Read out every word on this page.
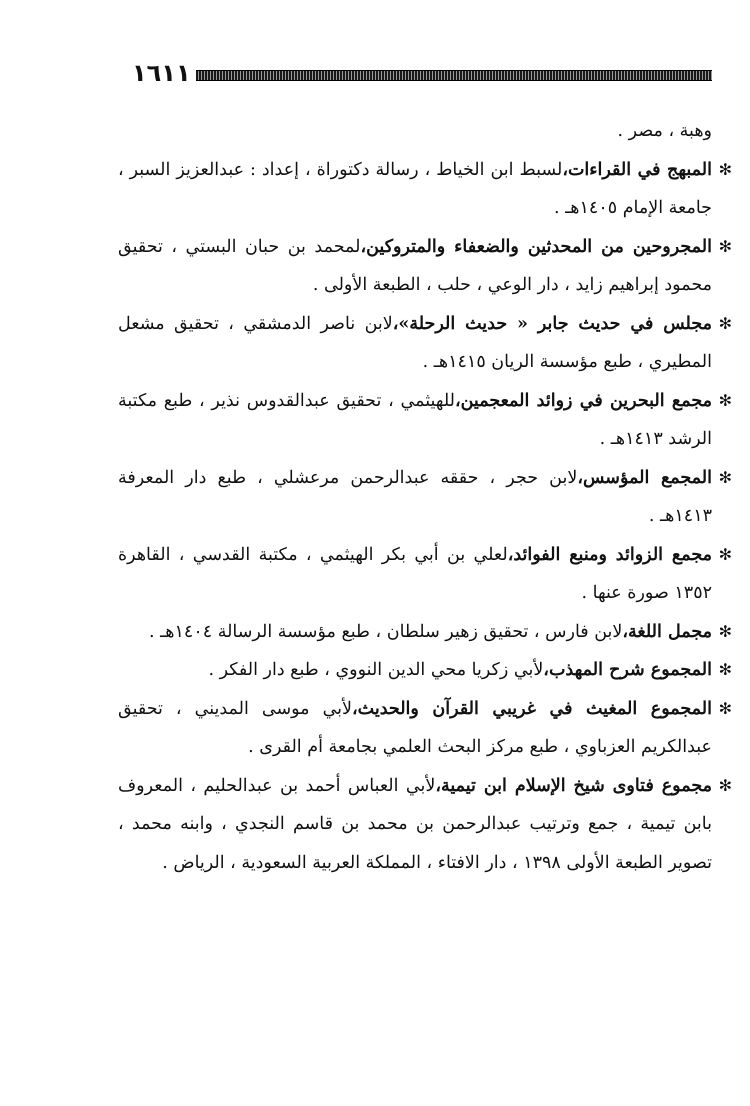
١٦١١
وهبة ، مصر .
✻
المبهج في القراءات،لسبط ابن الخياط ، رسالة دكتوراة ، إعداد : عبدالعزيز السبر ، جامعة الإمام ١٤٠٥هـ .
✻
المجروحين من المحدثين والضعفاء والمتروكين،لمحمد بن حبان البستي ، تحقيق محمود إبراهيم زايد ، دار الوعي ، حلب ، الطبعة الأولى .
✻
مجلس في حديث جابر « حديث الرحلة»،لابن ناصر الدمشقي ، تحقيق مشعل المطيري ، طبع مؤسسة الريان ١٤١٥هـ .
✻
مجمع البحرين في زوائد المعجمين،للهيثمي ، تحقيق عبدالقدوس نذير ، طبع مكتبة الرشد ١٤١٣هـ .
✻
المجمع المؤسس،لابن حجر ، حققه عبدالرحمن مرعشلي ، طبع دار المعرفة ١٤١٣هـ .
✻
مجمع الزوائد ومنبع الفوائد،لعلي بن أبي بكر الهيثمي ، مكتبة القدسي ، القاهرة ١٣٥٢ صورة عنها .
✻
مجمل اللغة،لابن فارس ، تحقيق زهير سلطان ، طبع مؤسسة الرسالة ١٤٠٤هـ .
✻
المجموع شرح المهذب،لأبي زكريا محي الدين النووي ، طبع دار الفكر .
✻
المجموع المغيث في غريبي القرآن والحديث،لأبي موسى المديني ، تحقيق عبدالكريم العزباوي ، طبع مركز البحث العلمي بجامعة أم القرى .
✻
مجموع فتاوى شيخ الإسلام ابن تيمية،لأبي العباس أحمد بن عبدالحليم ، المعروف بابن تيمية ، جمع وترتيب عبدالرحمن بن محمد بن قاسم النجدي ، وابنه محمد ، تصوير الطبعة الأولى ١٣٩٨ ، دار الافتاء ، المملكة العربية السعودية ، الرياض .
